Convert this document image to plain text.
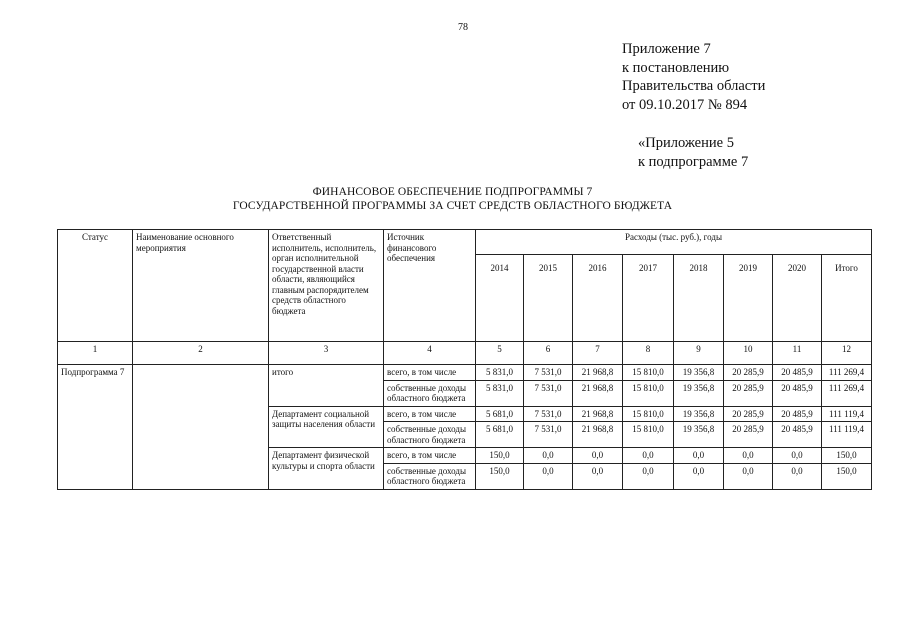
78
Приложение 7
к постановлению
Правительства области
от 09.10.2017 № 894
«Приложение 5
к подпрограмме 7
ФИНАНСОВОЕ ОБЕСПЕЧЕНИЕ ПОДПРОГРАММЫ 7
ГОСУДАРСТВЕННОЙ ПРОГРАММЫ ЗА СЧЕТ СРЕДСТВ ОБЛАСТНОГО БЮДЖЕТА
Статус	Наименование основного мероприятия	Ответственный исполнитель, исполнитель, орган исполнительной государственной власти области, являющийся главным распорядителем средств областного бюджета	Источник финансового обеспечения	Расходы (тыс. руб.), годы							
				2014	2015	2016	2017	2018	2019	2020	Итого
1	2	3	4	5	6	7	8	9	10	11	12
Подпрограмма 7		итого	всего, в том числе	5 831,0	7 531,0	21 968,8	15 810,0	19 356,8	20 285,9	20 485,9	111 269,4
			собственные доходы областного бюджета	5 831,0	7 531,0	21 968,8	15 810,0	19 356,8	20 285,9	20 485,9	111 269,4
		Департамент социальной защиты населения области	всего, в том числе	5 681,0	7 531,0	21 968,8	15 810,0	19 356,8	20 285,9	20 485,9	111 119,4
			собственные доходы областного бюджета	5 681,0	7 531,0	21 968,8	15 810,0	19 356,8	20 285,9	20 485,9	111 119,4
		Департамент физической культуры и спорта области	всего, в том числе	150,0	0,0	0,0	0,0	0,0	0,0	0,0	150,0
			собственные доходы областного бюджета	150,0	0,0	0,0	0,0	0,0	0,0	0,0	150,0
